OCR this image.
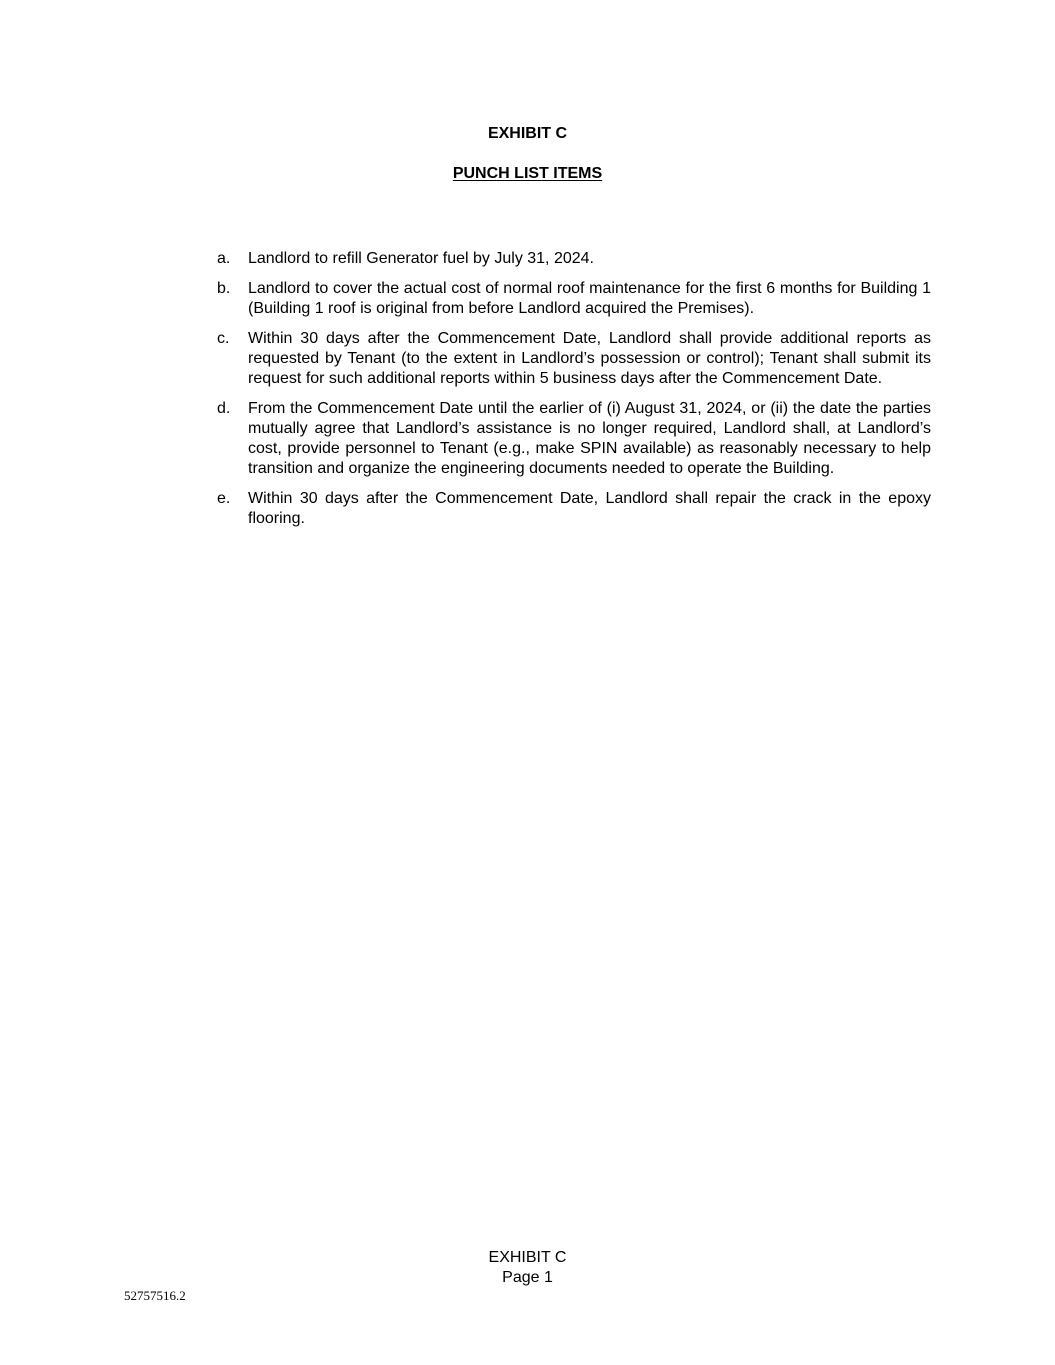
EXHIBIT C
PUNCH LIST ITEMS
a.	Landlord to refill Generator fuel by July 31, 2024.
b.	Landlord to cover the actual cost of normal roof maintenance for the first 6 months for Building 1 (Building 1 roof is original from before Landlord acquired the Premises).
c.	Within 30 days after the Commencement Date, Landlord shall provide additional reports as requested by Tenant (to the extent in Landlord’s possession or control); Tenant shall submit its request for such additional reports within 5 business days after the Commencement Date.
d.	From the Commencement Date until the earlier of (i) August 31, 2024, or (ii) the date the parties mutually agree that Landlord’s assistance is no longer required, Landlord shall, at Landlord’s cost, provide personnel to Tenant (e.g., make SPIN available) as reasonably necessary to help transition and organize the engineering documents needed to operate the Building.
e.	Within 30 days after the Commencement Date, Landlord shall repair the crack in the epoxy flooring.
EXHIBIT C
Page 1
52757516.2
